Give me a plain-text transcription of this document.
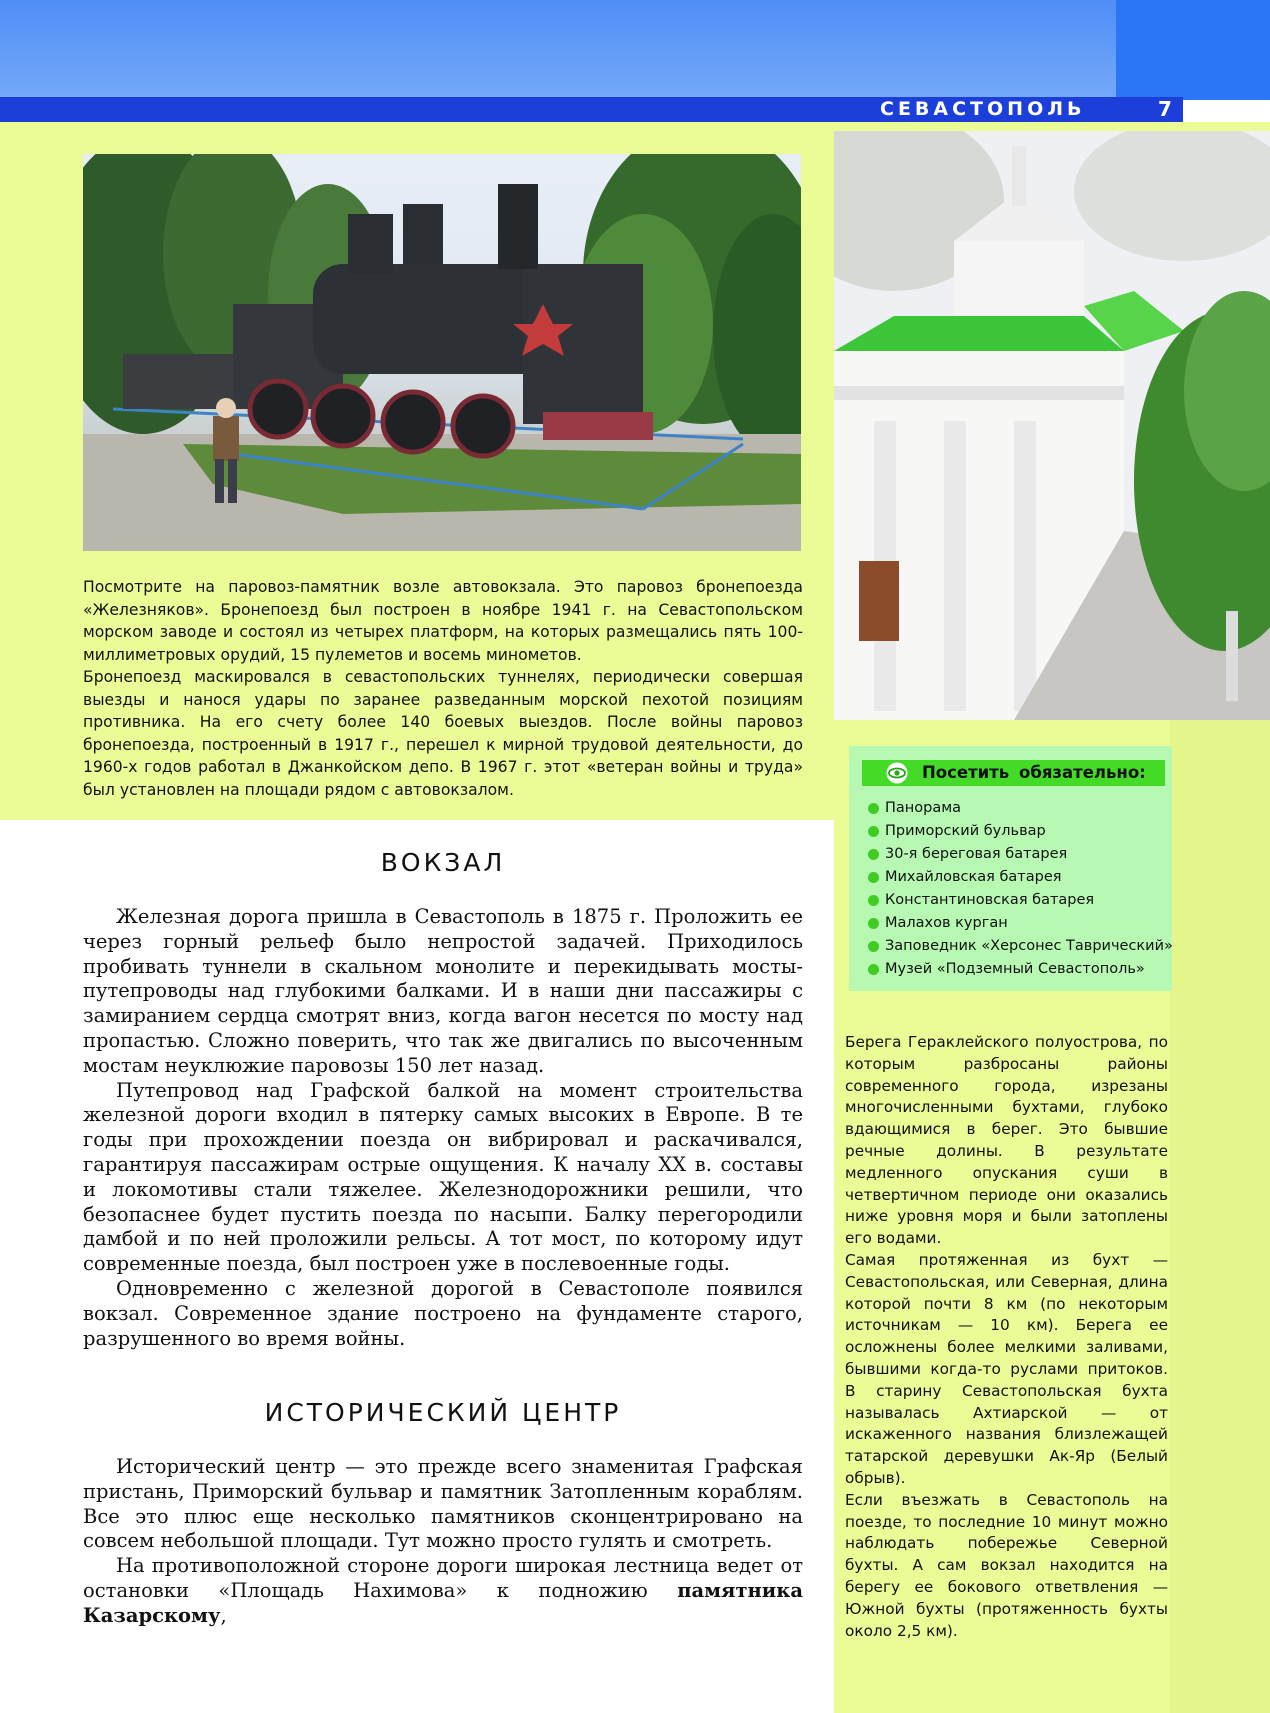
СЕВАСТОПОЛЬ	7

Посмотрите на паровоз-памятник возле автовокзала. Это паровоз бронепоезда «Железняков». Бронепоезд был построен в ноябре 1941 г. на Севастопольском морском заводе и состоял из четырех платформ, на которых размещались пять 100-миллиметровых орудий, 15 пулеметов и восемь минометов.

Бронепоезд маскировался в севастопольских туннелях, периодически совершая выезды и нанося удары по заранее разведанным морской пехотой позициям противника. На его счету более 140 боевых выездов. После войны паровоз бронепоезда, построенный в 1917 г., перешел к мирной трудовой деятельности, до 1960-х годов работал в Джанкойском депо. В 1967 г. этот «ветеран войны и труда» был установлен на площади рядом с автовокзалом.

Посетить обязательно:
Панорама
Приморский бульвар
30-я береговая батарея
Михайловская батарея
Константиновская батарея
Малахов курган
Заповедник «Херсонес Таврический»
Музей «Подземный Севастополь»

Берега Гераклейского полуострова, по которым разбросаны районы современного города, изрезаны многочисленными бухтами, глубоко вдающимися в берег. Это бывшие речные долины. В результате медленного опускания суши в четвертичном периоде они оказались ниже уровня моря и были затоплены его водами.

Самая протяженная из бухт — Севастопольская, или Северная, длина которой почти 8 км (по некоторым источникам — 10 км). Берега ее осложнены более мелкими заливами, бывшими когда-то руслами притоков. В старину Севастопольская бухта называлась Ахтиарской — от искаженного названия близлежащей татарской деревушки Ак-Яр (Белый обрыв).

Если въезжать в Севастополь на поезде, то последние 10 минут можно наблюдать побережье Северной бухты. А сам вокзал находится на берегу ее бокового ответвления — Южной бухты (протяженность бухты около 2,5 км).

ВОКЗАЛ

Железная дорога пришла в Севастополь в 1875 г. Проложить ее через горный рельеф было непростой задачей. Приходилось пробивать туннели в скальном монолите и перекидывать мосты-путепроводы над глубокими балками. И в наши дни пассажиры с замиранием сердца смотрят вниз, когда вагон несется по мосту над пропастью. Сложно поверить, что так же двигались по высоченным мостам неуклюжие паровозы 150 лет назад.

Путепровод над Графской балкой на момент строительства железной дороги входил в пятерку самых высоких в Европе. В те годы при прохождении поезда он вибрировал и раскачивался, гарантируя пассажирам острые ощущения. К началу XX в. составы и локомотивы стали тяжелее. Железнодорожники решили, что безопаснее будет пустить поезда по насыпи. Балку перегородили дамбой и по ней проложили рельсы. А тот мост, по которому идут современные поезда, был построен уже в послевоенные годы.

Одновременно с железной дорогой в Севастополе появился вокзал. Современное здание построено на фундаменте старого, разрушенного во время войны.

ИСТОРИЧЕСКИЙ ЦЕНТР

Исторический центр — это прежде всего знаменитая Графская пристань, Приморский бульвар и памятник Затопленным кораблям. Все это плюс еще несколько памятников сконцентрировано на совсем небольшой площади. Тут можно просто гулять и смотреть.

На противоположной стороне дороги широкая лестница ведет от остановки «Площадь Нахимова» к подножию памятника Казарскому,
